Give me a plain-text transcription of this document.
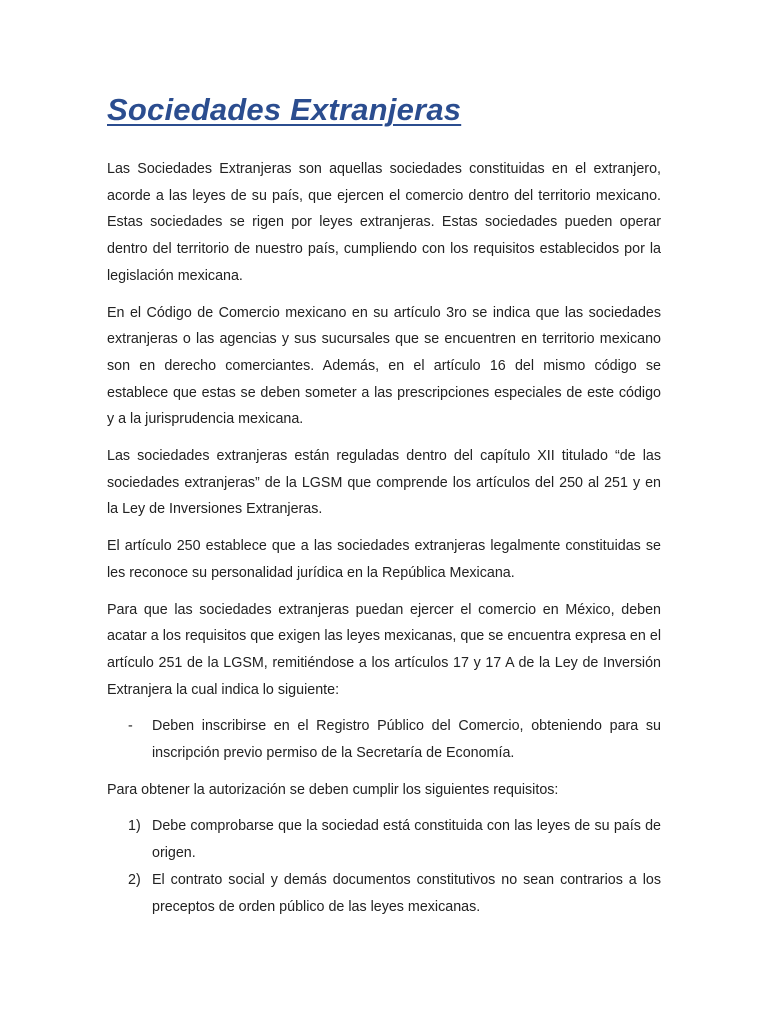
Sociedades Extranjeras

Las Sociedades Extranjeras son aquellas sociedades constituidas en el extranjero, acorde a las leyes de su país, que ejercen el comercio dentro del territorio mexicano. Estas sociedades se rigen por leyes extranjeras. Estas sociedades pueden operar dentro del territorio de nuestro país, cumpliendo con los requisitos establecidos por la legislación mexicana.

En el Código de Comercio mexicano en su artículo 3ro se indica que las sociedades extranjeras o las agencias y sus sucursales que se encuentren en territorio mexicano son en derecho comerciantes. Además, en el artículo 16 del mismo código se establece que estas se deben someter a las prescripciones especiales de este código y a la jurisprudencia mexicana.

Las sociedades extranjeras están reguladas dentro del capítulo XII titulado “de las sociedades extranjeras” de la LGSM que comprende los artículos del 250 al 251 y en la Ley de Inversiones Extranjeras.

El artículo 250 establece que a las sociedades extranjeras legalmente constituidas se les reconoce su personalidad jurídica en la República Mexicana.

Para que las sociedades extranjeras puedan ejercer el comercio en México, deben acatar a los requisitos que exigen las leyes mexicanas, que se encuentra expresa en el artículo 251 de la LGSM, remitiéndose a los artículos 17 y 17 A de la Ley de Inversión Extranjera la cual indica lo siguiente:

-	Deben inscribirse en el Registro Público del Comercio, obteniendo para su inscripción previo permiso de la Secretaría de Economía.

Para obtener la autorización se deben cumplir los siguientes requisitos:

1) Debe comprobarse que la sociedad está constituida con las leyes de su país de origen.
2) El contrato social y demás documentos constitutivos no sean contrarios a los preceptos de orden público de las leyes mexicanas.
